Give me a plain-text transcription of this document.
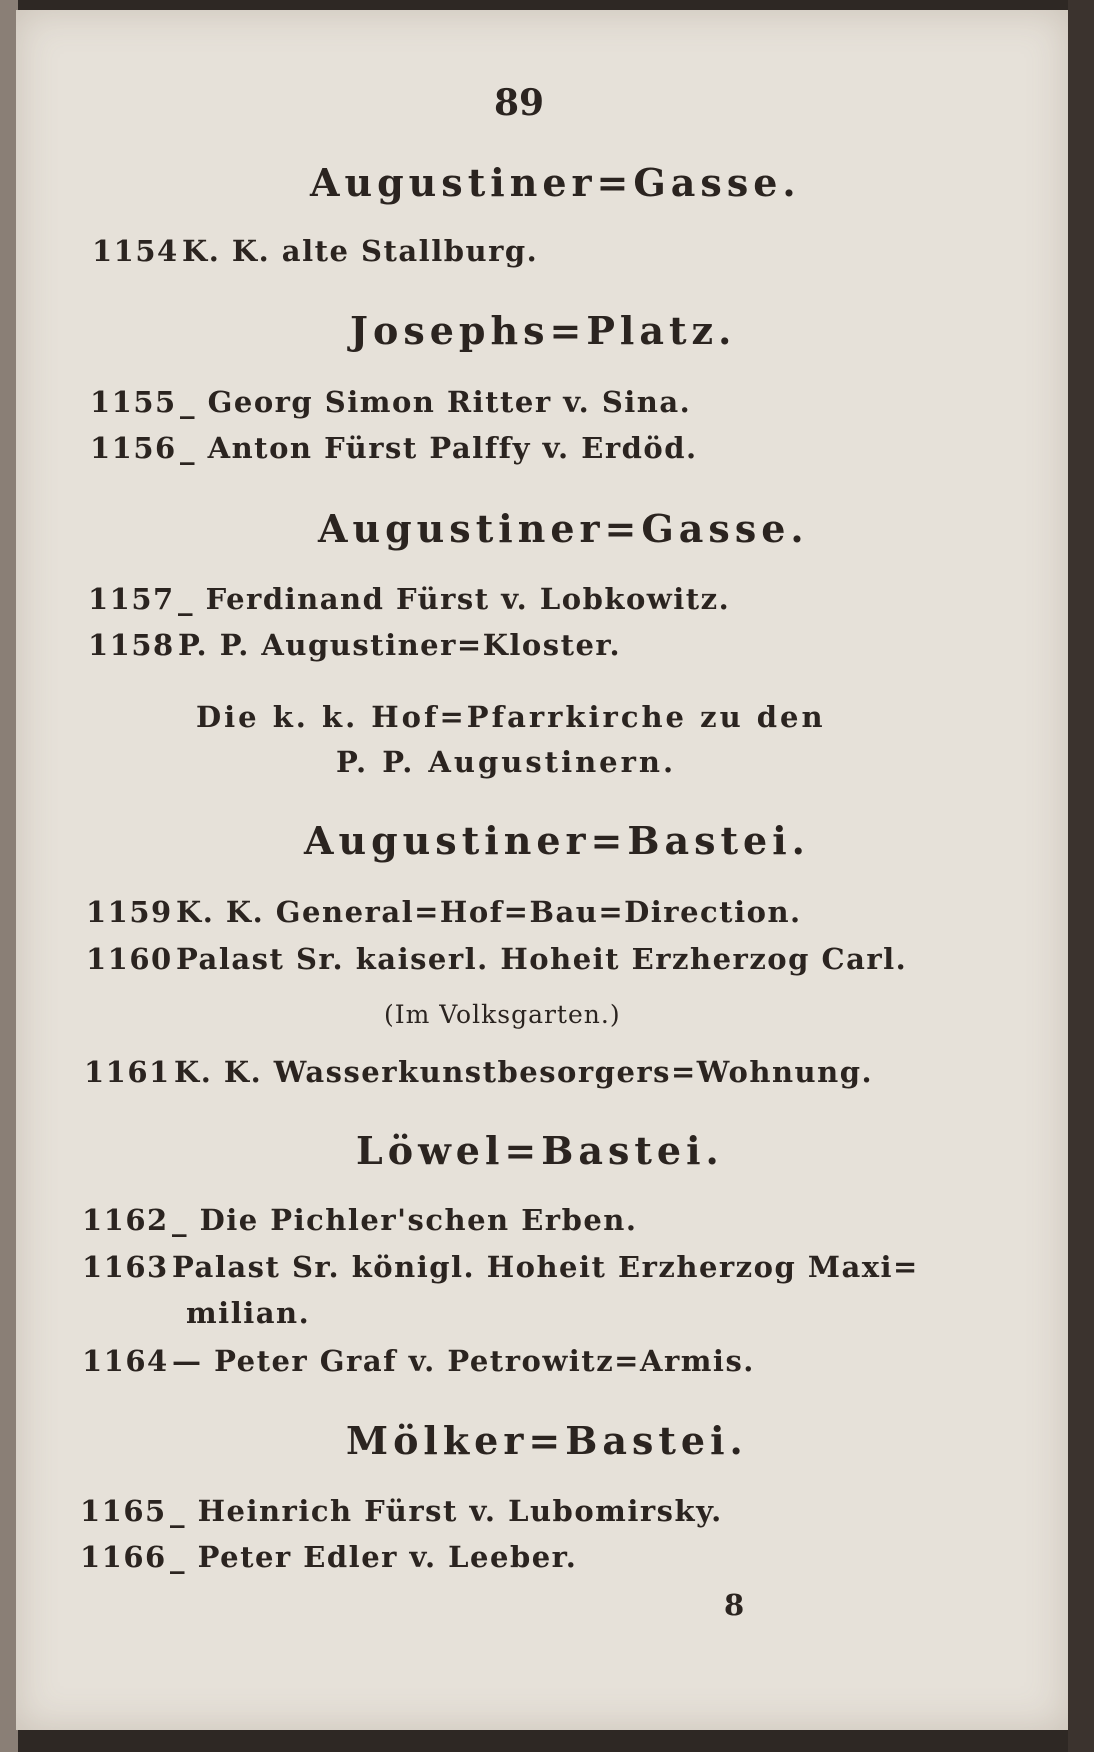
89
Augustiner=Gasse.
1154 K. K. alte Stallburg.
Josephs=Platz.
1155 _ Georg Simon Ritter v. Sina.
1156 _ Anton Fürst Palffy v. Erdöd.
Augustiner=Gasse.
1157 _ Ferdinand Fürst v. Lobkowitz.
1158 P. P. Augustiner=Kloster.
Die k. k. Hof=Pfarrkirche zu den
P. P. Augustinern.
Augustiner=Bastei.
1159 K. K. General=Hof=Bau=Direction.
1160 Palast Sr. kaiserl. Hoheit Erzherzog Carl.
(Im Volksgarten.)
1161 K. K. Wasserkunstbesorgers=Wohnung.
Löwel=Bastei.
1162 _ Die Pichler'schen Erben.
1163 Palast Sr. königl. Hoheit Erzherzog Maxi=
milian.
1164 — Peter Graf v. Petrowitz=Armis.
Mölker=Bastei.
1165 _ Heinrich Fürst v. Lubomirsky.
1166 _ Peter Edler v. Leeber.
8
